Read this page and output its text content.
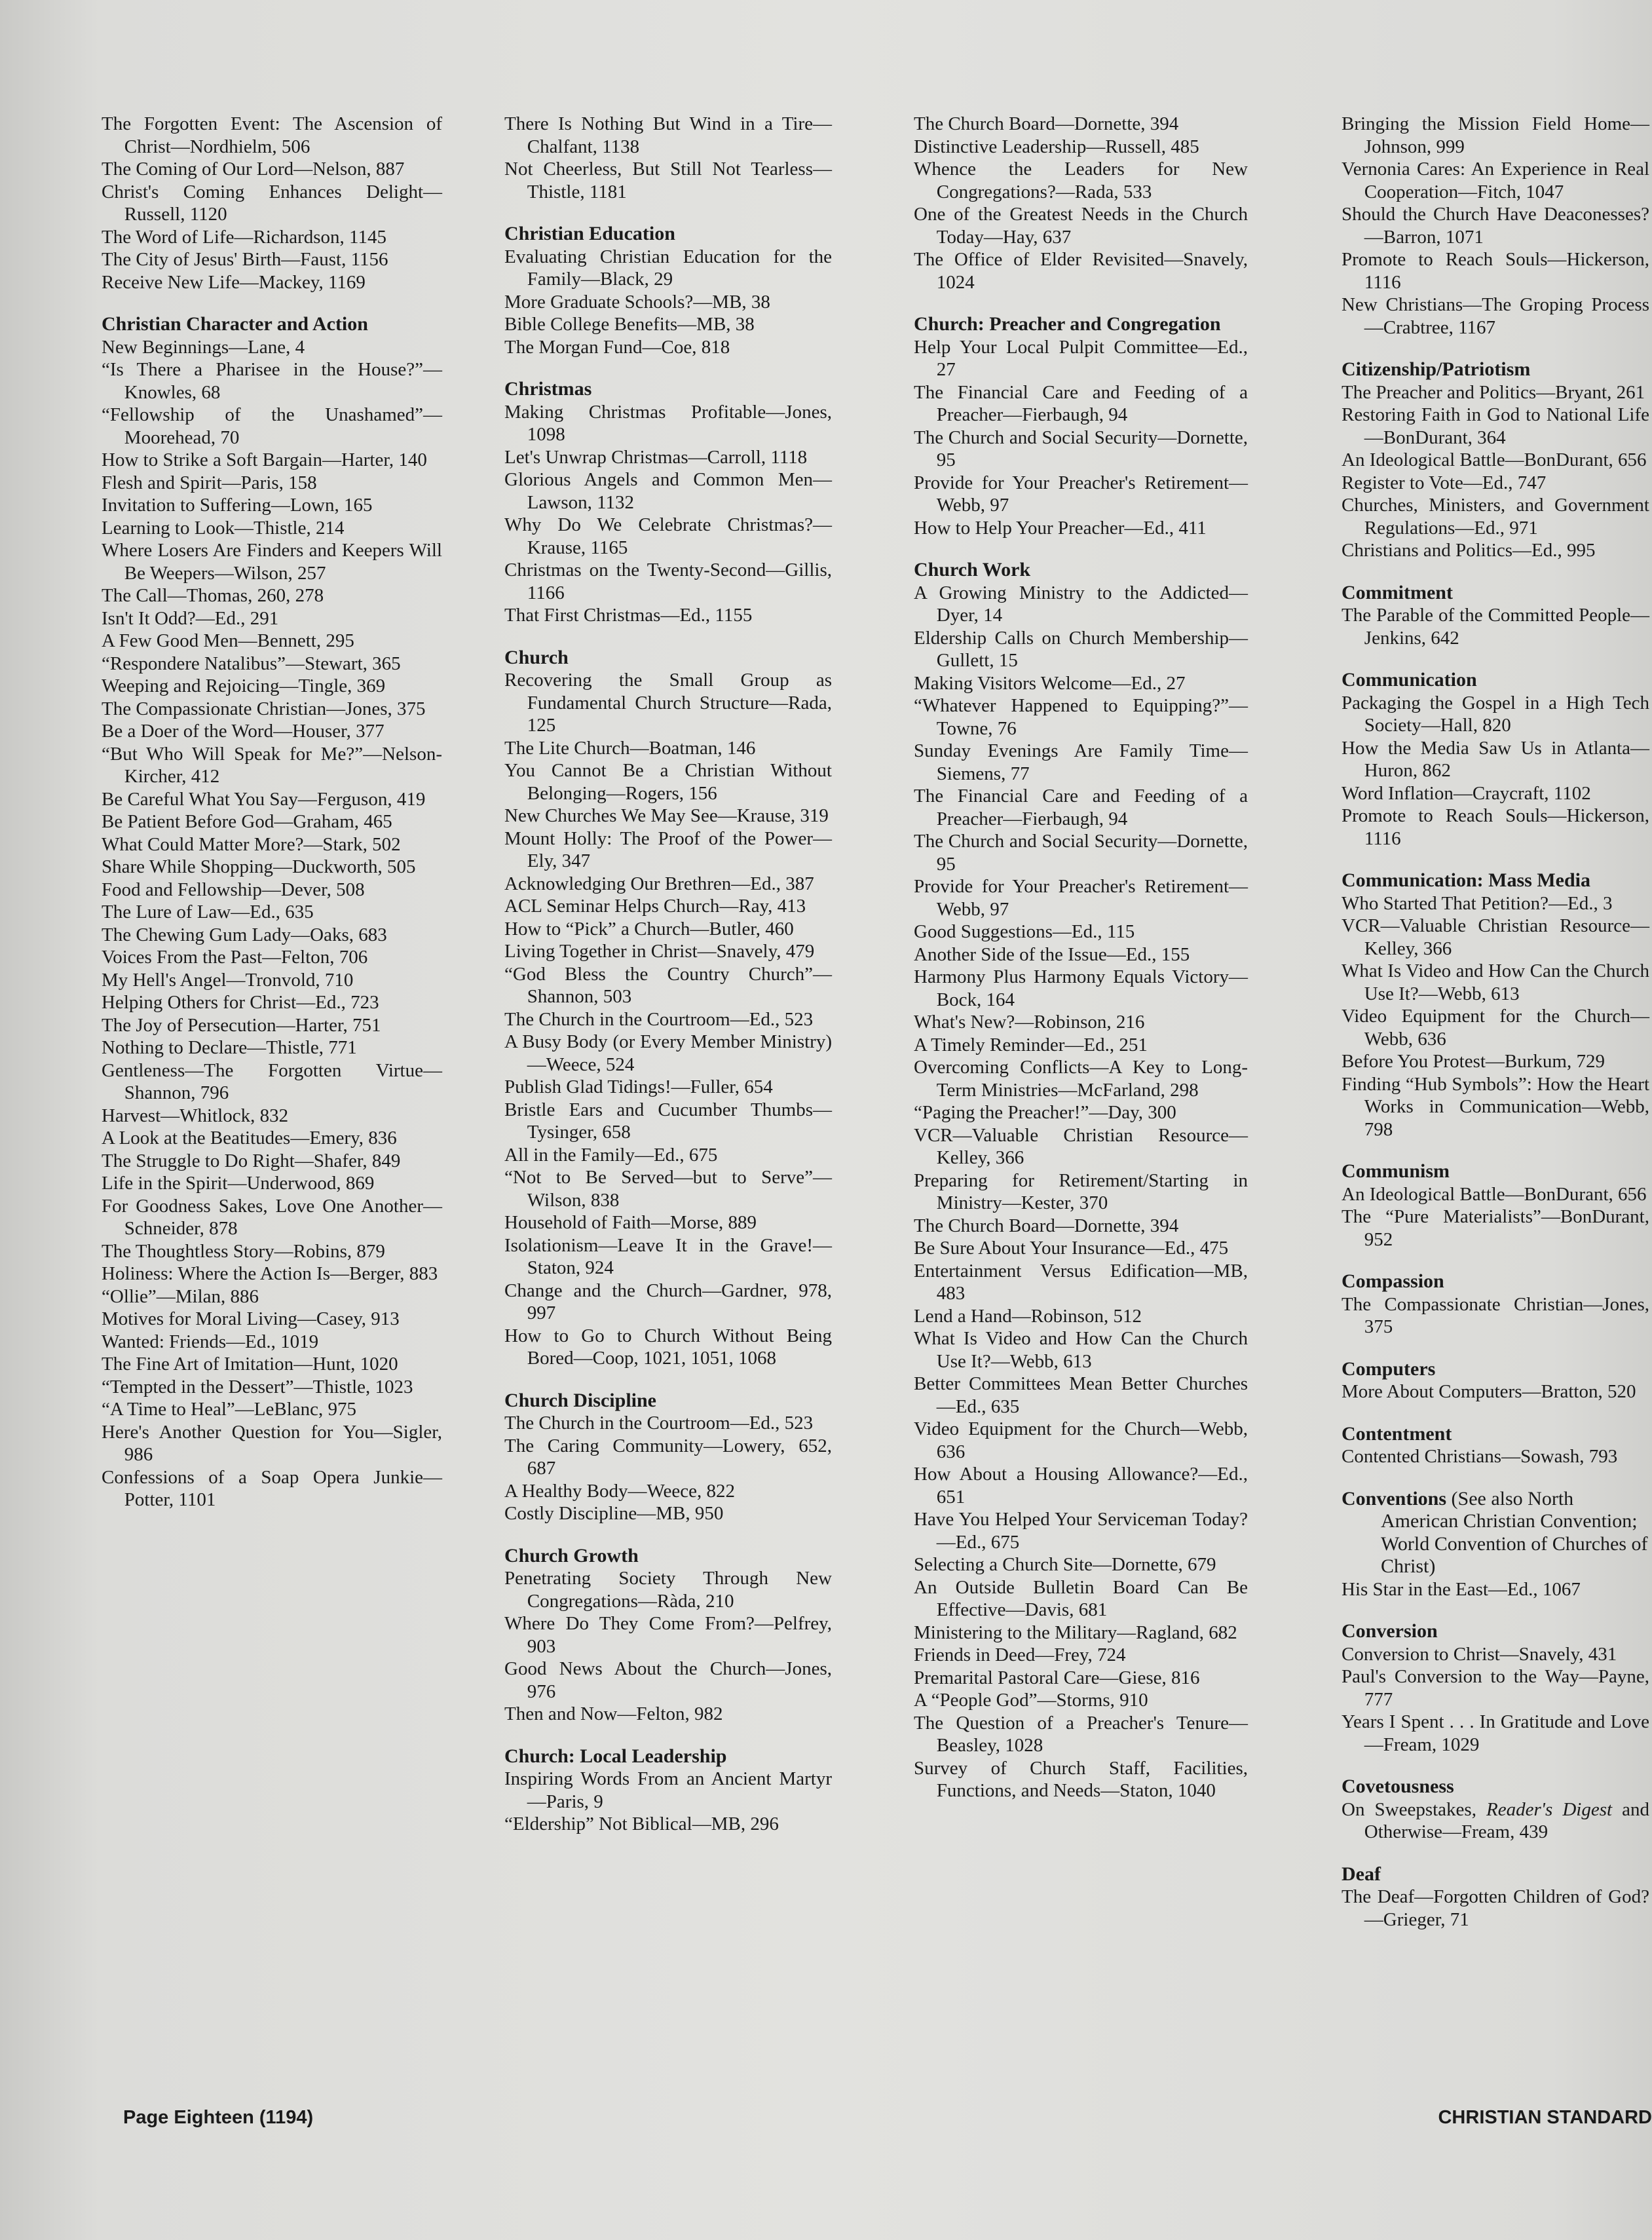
The Forgotten Event: The Ascension of Christ—Nordhielm, 506
The Coming of Our Lord—Nelson, 887
Christ's Coming Enhances Delight—Russell, 1120
The Word of Life—Richardson, 1145
The City of Jesus' Birth—Faust, 1156
Receive New Life—Mackey, 1169
Christian Character and Action
New Beginnings—Lane, 4
“Is There a Pharisee in the House?”—Knowles, 68
“Fellowship of the Unashamed”—Moorehead, 70
How to Strike a Soft Bargain—Harter, 140
Flesh and Spirit—Paris, 158
Invitation to Suffering—Lown, 165
Learning to Look—Thistle, 214
Where Losers Are Finders and Keepers Will Be Weepers—Wilson, 257
The Call—Thomas, 260, 278
Isn't It Odd?—Ed., 291
A Few Good Men—Bennett, 295
“Respondere Natalibus”—Stewart, 365
Weeping and Rejoicing—Tingle, 369
The Compassionate Christian—Jones, 375
Be a Doer of the Word—Houser, 377
“But Who Will Speak for Me?”—Nelson-Kircher, 412
Be Careful What You Say—Ferguson, 419
Be Patient Before God—Graham, 465
What Could Matter More?—Stark, 502
Share While Shopping—Duckworth, 505
Food and Fellowship—Dever, 508
The Lure of Law—Ed., 635
The Chewing Gum Lady—Oaks, 683
Voices From the Past—Felton, 706
My Hell's Angel—Tronvold, 710
Helping Others for Christ—Ed., 723
The Joy of Persecution—Harter, 751
Nothing to Declare—Thistle, 771
Gentleness—The Forgotten Virtue—Shannon, 796
Harvest—Whitlock, 832
A Look at the Beatitudes—Emery, 836
The Struggle to Do Right—Shafer, 849
Life in the Spirit—Underwood, 869
For Goodness Sakes, Love One Another—Schneider, 878
The Thoughtless Story—Robins, 879
Holiness: Where the Action Is—Berger, 883
“Ollie”—Milan, 886
Motives for Moral Living—Casey, 913
Wanted: Friends—Ed., 1019
The Fine Art of Imitation—Hunt, 1020
“Tempted in the Dessert”—Thistle, 1023
“A Time to Heal”—LeBlanc, 975
Here's Another Question for You—Sigler, 986
Confessions of a Soap Opera Junkie—Potter, 1101
There Is Nothing But Wind in a Tire—Chalfant, 1138
Not Cheerless, But Still Not Tearless—Thistle, 1181
Christian Education
Evaluating Christian Education for the Family—Black, 29
More Graduate Schools?—MB, 38
Bible College Benefits—MB, 38
The Morgan Fund—Coe, 818
Christmas
Making Christmas Profitable—Jones, 1098
Let's Unwrap Christmas—Carroll, 1118
Glorious Angels and Common Men—Lawson, 1132
Why Do We Celebrate Christmas?—Krause, 1165
Christmas on the Twenty-Second—Gillis, 1166
That First Christmas—Ed., 1155
Church
Recovering the Small Group as Fundamental Church Structure—Rada, 125
The Lite Church—Boatman, 146
You Cannot Be a Christian Without Belonging—Rogers, 156
New Churches We May See—Krause, 319
Mount Holly: The Proof of the Power—Ely, 347
Acknowledging Our Brethren—Ed., 387
ACL Seminar Helps Church—Ray, 413
How to “Pick” a Church—Butler, 460
Living Together in Christ—Snavely, 479
“God Bless the Country Church”—Shannon, 503
The Church in the Courtroom—Ed., 523
A Busy Body (or Every Member Ministry)—Weece, 524
Publish Glad Tidings!—Fuller, 654
Bristle Ears and Cucumber Thumbs—Tysinger, 658
All in the Family—Ed., 675
“Not to Be Served—but to Serve”—Wilson, 838
Household of Faith—Morse, 889
Isolationism—Leave It in the Grave!—Staton, 924
Change and the Church—Gardner, 978, 997
How to Go to Church Without Being Bored—Coop, 1021, 1051, 1068
Church Discipline
The Church in the Courtroom—Ed., 523
The Caring Community—Lowery, 652, 687
A Healthy Body—Weece, 822
Costly Discipline—MB, 950
Church Growth
Penetrating Society Through New Congregations—Ràda, 210
Where Do They Come From?—Pelfrey, 903
Good News About the Church—Jones, 976
Then and Now—Felton, 982
Church: Local Leadership
Inspiring Words From an Ancient Martyr—Paris, 9
“Eldership” Not Biblical—MB, 296
The Church Board—Dornette, 394
Distinctive Leadership—Russell, 485
Whence the Leaders for New Congregations?—Rada, 533
One of the Greatest Needs in the Church Today—Hay, 637
The Office of Elder Revisited—Snavely, 1024
Church: Preacher and Congregation
Help Your Local Pulpit Committee—Ed., 27
The Financial Care and Feeding of a Preacher—Fierbaugh, 94
The Church and Social Security—Dornette, 95
Provide for Your Preacher's Retirement—Webb, 97
How to Help Your Preacher—Ed., 411
Church Work
A Growing Ministry to the Addicted—Dyer, 14
Eldership Calls on Church Membership—Gullett, 15
Making Visitors Welcome—Ed., 27
“Whatever Happened to Equipping?”—Towne, 76
Sunday Evenings Are Family Time—Siemens, 77
The Financial Care and Feeding of a Preacher—Fierbaugh, 94
The Church and Social Security—Dornette, 95
Provide for Your Preacher's Retirement—Webb, 97
Good Suggestions—Ed., 115
Another Side of the Issue—Ed., 155
Harmony Plus Harmony Equals Victory—Bock, 164
What's New?—Robinson, 216
A Timely Reminder—Ed., 251
Overcoming Conflicts—A Key to Long-Term Ministries—McFarland, 298
“Paging the Preacher!”—Day, 300
VCR—Valuable Christian Resource—Kelley, 366
Preparing for Retirement/Starting in Ministry—Kester, 370
The Church Board—Dornette, 394
Be Sure About Your Insurance—Ed., 475
Entertainment Versus Edification—MB, 483
Lend a Hand—Robinson, 512
What Is Video and How Can the Church Use It?—Webb, 613
Better Committees Mean Better Churches—Ed., 635
Video Equipment for the Church—Webb, 636
How About a Housing Allowance?—Ed., 651
Have You Helped Your Serviceman Today?—Ed., 675
Selecting a Church Site—Dornette, 679
An Outside Bulletin Board Can Be Effective—Davis, 681
Ministering to the Military—Ragland, 682
Friends in Deed—Frey, 724
Premarital Pastoral Care—Giese, 816
A “People God”—Storms, 910
The Question of a Preacher's Tenure—Beasley, 1028
Survey of Church Staff, Facilities, Functions, and Needs—Staton, 1040
Bringing the Mission Field Home—Johnson, 999
Vernonia Cares: An Experience in Real Cooperation—Fitch, 1047
Should the Church Have Deaconesses?—Barron, 1071
Promote to Reach Souls—Hickerson, 1116
New Christians—The Groping Process—Crabtree, 1167
Citizenship/Patriotism
The Preacher and Politics—Bryant, 261
Restoring Faith in God to National Life—BonDurant, 364
An Ideological Battle—BonDurant, 656
Register to Vote—Ed., 747
Churches, Ministers, and Government Regulations—Ed., 971
Christians and Politics—Ed., 995
Commitment
The Parable of the Committed People—Jenkins, 642
Communication
Packaging the Gospel in a High Tech Society—Hall, 820
How the Media Saw Us in Atlanta—Huron, 862
Word Inflation—Craycraft, 1102
Promote to Reach Souls—Hickerson, 1116
Communication: Mass Media
Who Started That Petition?—Ed., 3
VCR—Valuable Christian Resource—Kelley, 366
What Is Video and How Can the Church Use It?—Webb, 613
Video Equipment for the Church—Webb, 636
Before You Protest—Burkum, 729
Finding “Hub Symbols”: How the Heart Works in Communication—Webb, 798
Communism
An Ideological Battle—BonDurant, 656
The “Pure Materialists”—BonDurant, 952
Compassion
The Compassionate Christian—Jones, 375
Computers
More About Computers—Bratton, 520
Contentment
Contented Christians—Sowash, 793
Conventions (See also North American Christian Convention; World Convention of Churches of Christ)
His Star in the East—Ed., 1067
Conversion
Conversion to Christ—Snavely, 431
Paul's Conversion to the Way—Payne, 777
Years I Spent . . . In Gratitude and Love—Fream, 1029
Covetousness
On Sweepstakes, Reader's Digest and Otherwise—Fream, 439
Deaf
The Deaf—Forgotten Children of God?—Grieger, 71
Page Eighteen (1194)	CHRISTIAN STANDARD
